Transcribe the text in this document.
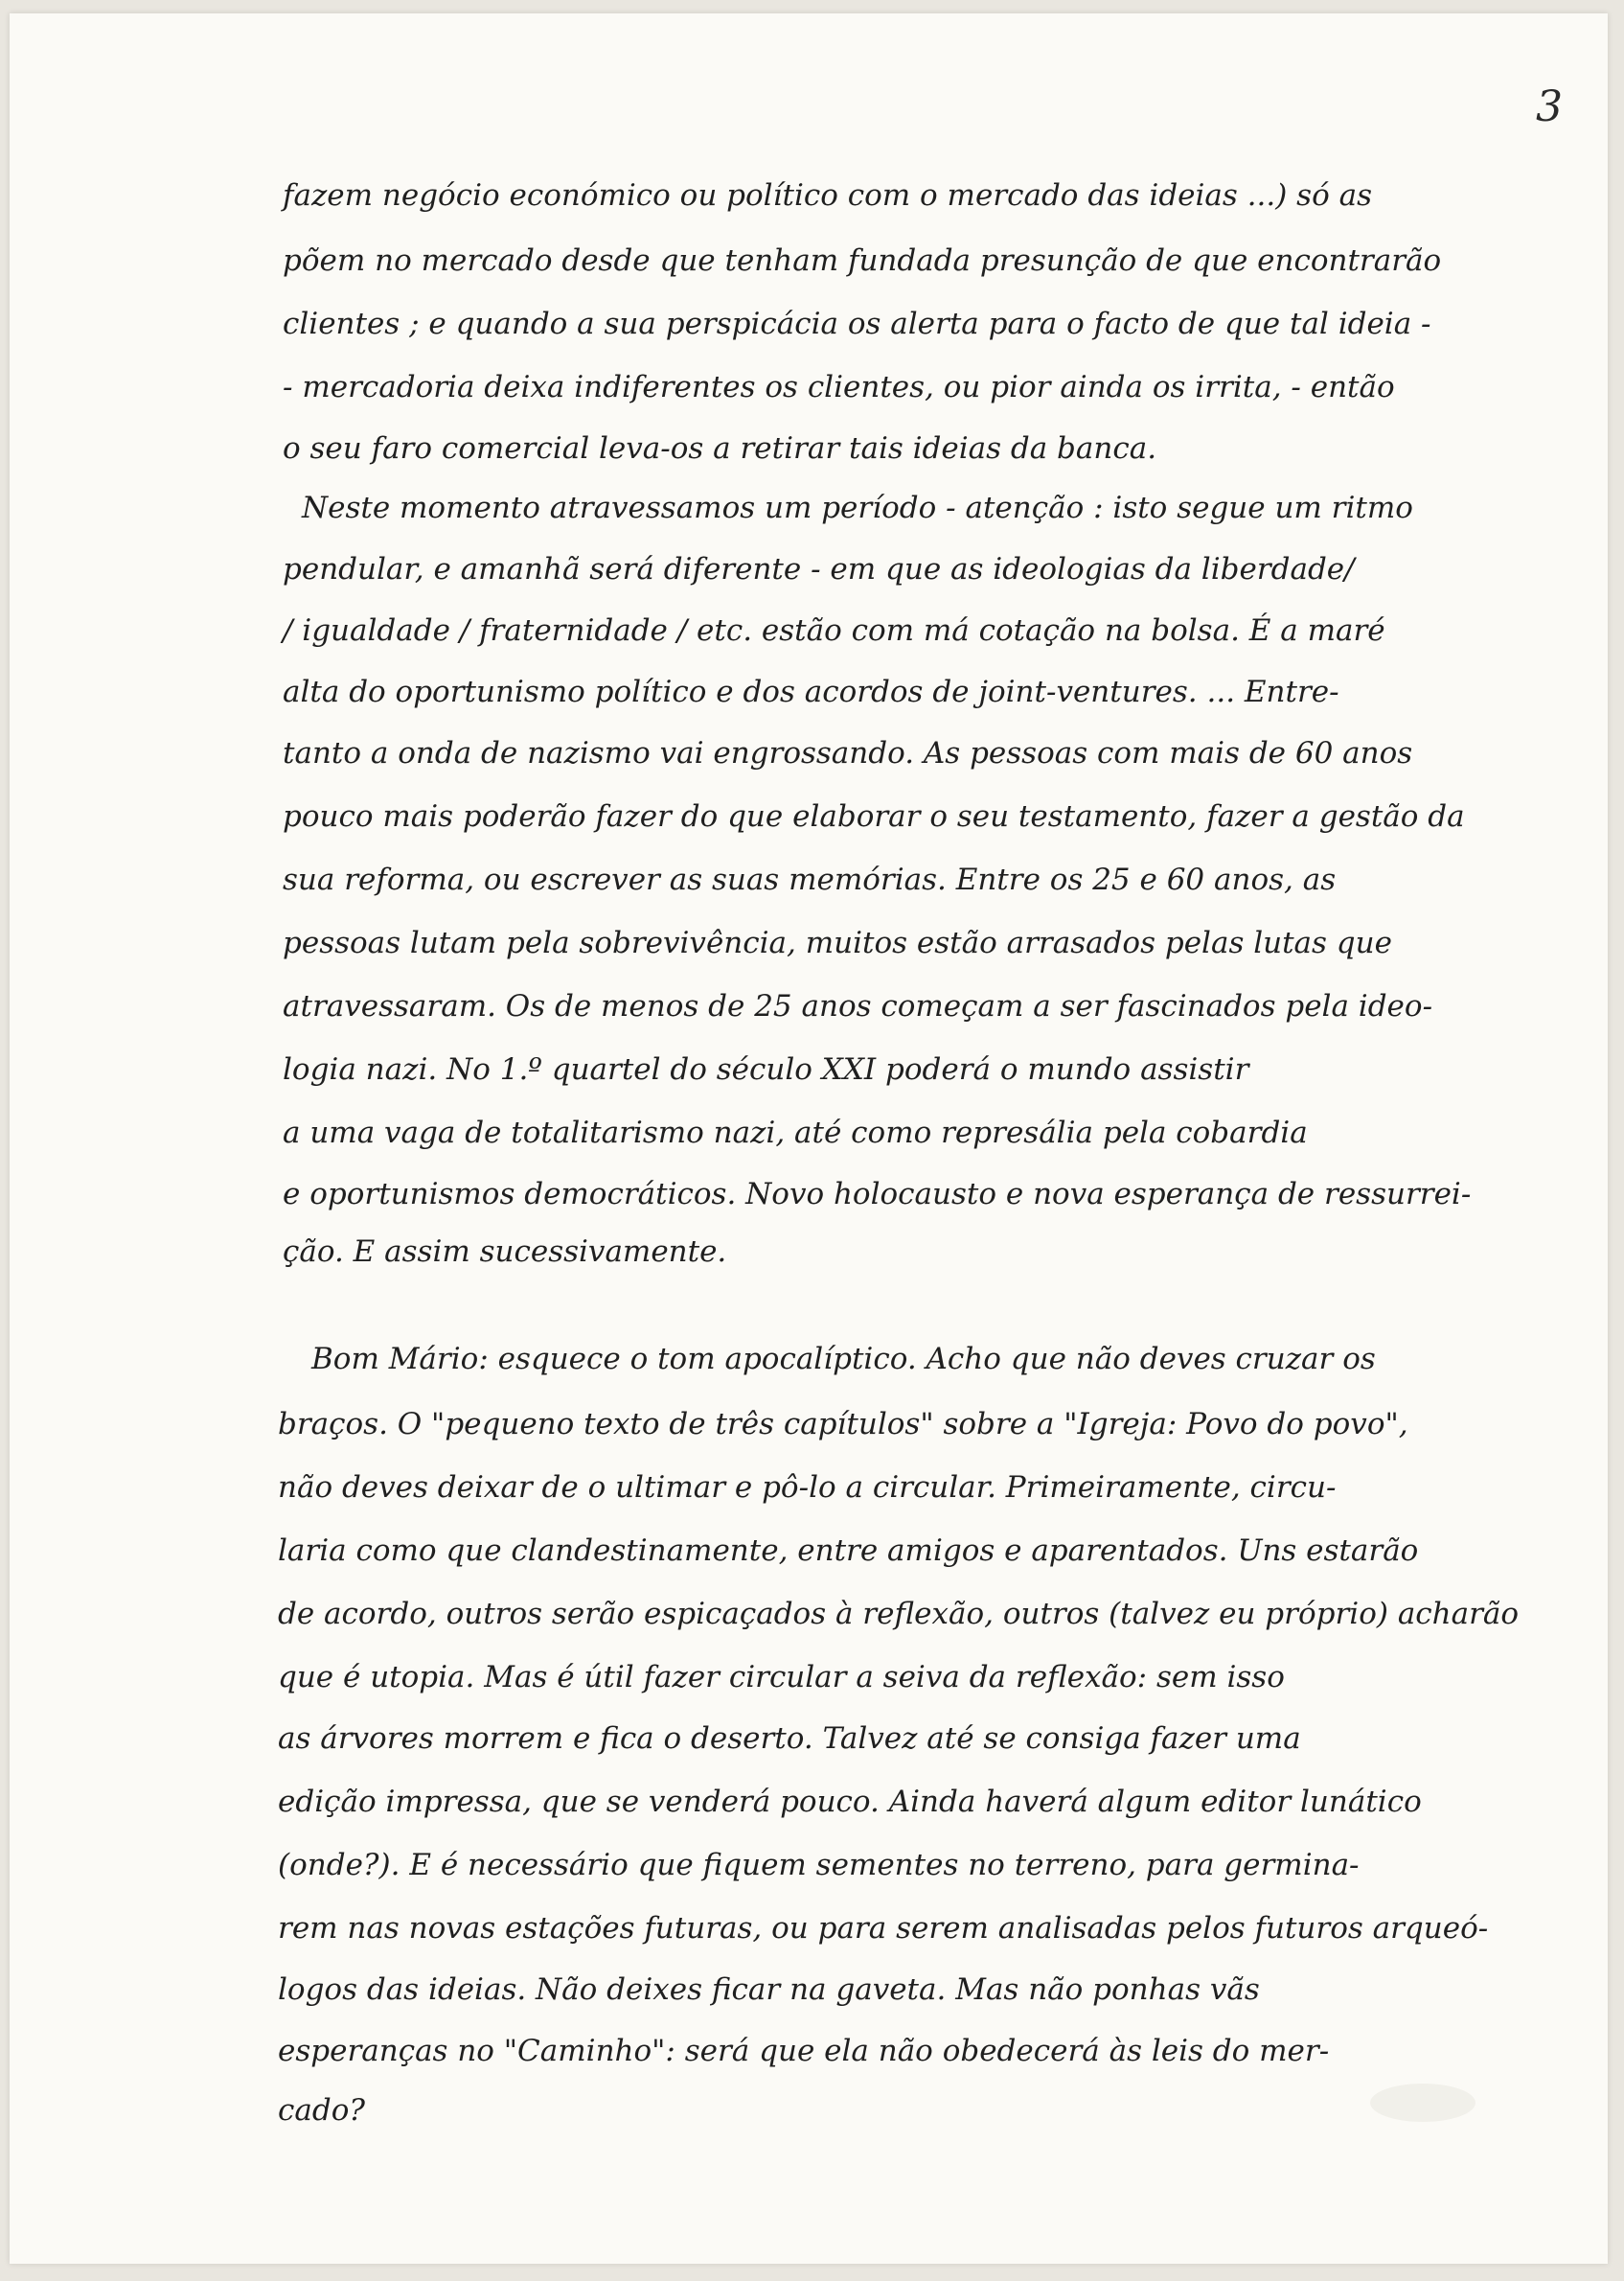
3
fazem negócio económico ou político com o mercado das ideias ...) só as
põem no mercado desde que tenham fundada presunção de que encontrarão
clientes ; e quando a sua perspicácia os alerta para o facto de que tal ideia -
- mercadoria deixa indiferentes os clientes, ou pior ainda os irrita, - então
o seu faro comercial leva-os a retirar tais ideias da banca.
Neste momento atravessamos um período - atenção : isto segue um ritmo
pendular, e amanhã será diferente - em que as ideologias da liberdade/
/ igualdade / fraternidade / etc. estão com má cotação na bolsa. É a maré
alta do oportunismo político e dos acordos de joint-ventures. ... Entre-
tanto a onda de nazismo vai engrossando. As pessoas com mais de 60 anos
pouco mais poderão fazer do que elaborar o seu testamento, fazer a gestão da
sua reforma, ou escrever as suas memórias. Entre os 25 e 60 anos, as
pessoas lutam pela sobrevivência, muitos estão arrasados pelas lutas que
atravessaram. Os de menos de 25 anos começam a ser fascinados pela ideo-
logia nazi. No 1.º quartel do século XXI poderá o mundo assistir
a uma vaga de totalitarismo nazi, até como represália pela cobardia
e oportunismos democráticos. Novo holocausto e nova esperança de ressurrei-
ção. E assim sucessivamente.
Bom Mário: esquece o tom apocalíptico. Acho que não deves cruzar os
braços. O "pequeno texto de três capítulos" sobre a "Igreja: Povo do povo",
não deves deixar de o ultimar e pô-lo a circular. Primeiramente, circu-
laria como que clandestinamente, entre amigos e aparentados. Uns estarão
de acordo, outros serão espicaçados à reflexão, outros (talvez eu próprio) acharão
que é utopia. Mas é útil fazer circular a seiva da reflexão: sem isso
as árvores morrem e fica o deserto. Talvez até se consiga fazer uma
edição impressa, que se venderá pouco. Ainda haverá algum editor lunático
(onde?). E é necessário que fiquem sementes no terreno, para germina-
rem nas novas estações futuras, ou para serem analisadas pelos futuros arqueó-
logos das ideias. Não deixes ficar na gaveta. Mas não ponhas vãs
esperanças no "Caminho": será que ela não obedecerá às leis do mer-
cado?
